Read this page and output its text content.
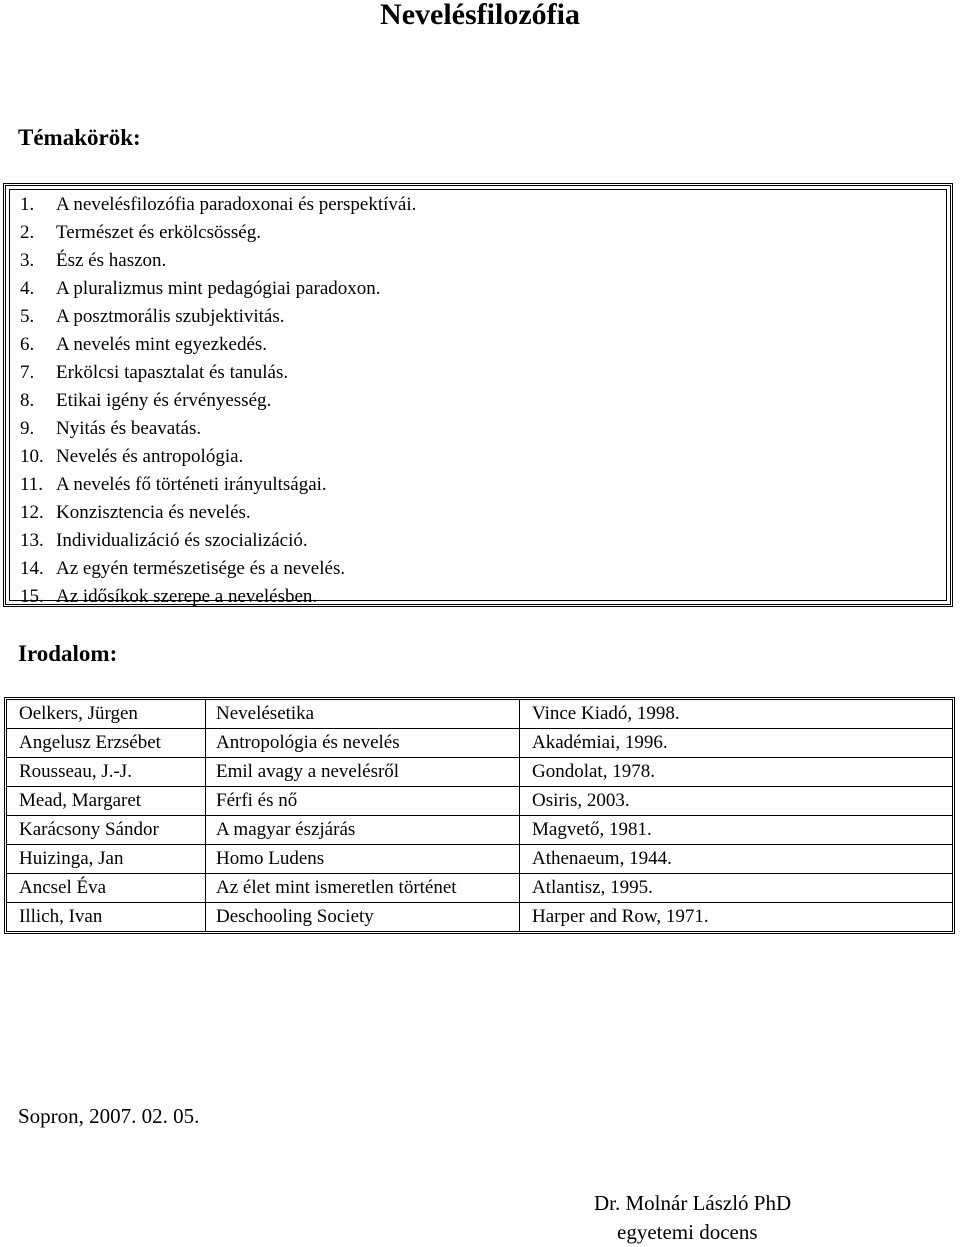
Nevelésfilozófia
Témakörök:
1. A nevelésfilozófia paradoxonai és perspektívái.
2. Természet és erkölcsösség.
3. Ész és haszon.
4. A pluralizmus mint pedagógiai paradoxon.
5. A posztmorális szubjektivitás.
6. A nevelés mint egyezkedés.
7. Erkölcsi tapasztalat és tanulás.
8. Etikai igény és érvényesség.
9. Nyitás és beavatás.
10. Nevelés és antropológia.
11. A nevelés fő történeti irányultságai.
12. Konzisztencia és nevelés.
13. Individualizáció és szocializáció.
14. Az egyén természetisége és a nevelés.
15. Az idősíkok szerepe a nevelésben.
Irodalom:
Oelkers, Jürgen	Nevelésetika	Vince Kiadó, 1998.
Angelusz Erzsébet	Antropológia és nevelés	Akadémiai, 1996.
Rousseau, J.-J.	Emil avagy a nevelésről	Gondolat, 1978.
Mead, Margaret	Férfi és nő	Osiris, 2003.
Karácsony Sándor	A magyar észjárás	Magvető, 1981.
Huizinga, Jan	Homo Ludens	Athenaeum, 1944.
Ancsel Éva	Az élet mint ismeretlen történet	Atlantisz, 1995.
Illich, Ivan	Deschooling Society	Harper and Row, 1971.
Sopron, 2007. 02. 05.
Dr. Molnár László PhD
egyetemi docens
